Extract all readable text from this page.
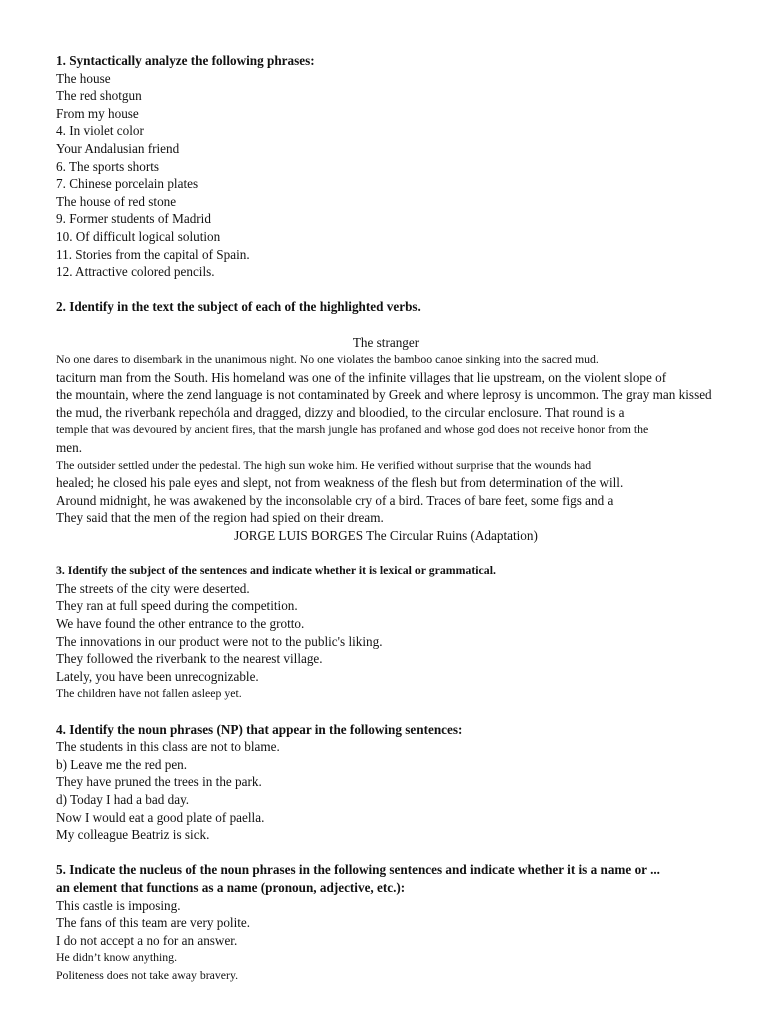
1. Syntactically analyze the following phrases:
The house
The red shotgun
From my house
4. In violet color
Your Andalusian friend
6. The sports shorts
7. Chinese porcelain plates
The house of red stone
9. Former students of Madrid
10. Of difficult logical solution
11. Stories from the capital of Spain.
12. Attractive colored pencils.
2. Identify in the text the subject of each of the highlighted verbs.
The stranger
No one dares to disembark in the unanimous night. No one violates the bamboo canoe sinking into the sacred mud.
taciturn man from the South. His homeland was one of the infinite villages that lie upstream, on the violent slope of
the mountain, where the zend language is not contaminated by Greek and where leprosy is uncommon. The gray man kissed
the mud, the riverbank repechóla and dragged, dizzy and bloodied, to the circular enclosure. That round is a
temple that was devoured by ancient fires, that the marsh jungle has profaned and whose god does not receive honor from the
men.
The outsider settled under the pedestal. The high sun woke him. He verified without surprise that the wounds had
healed; he closed his pale eyes and slept, not from weakness of the flesh but from determination of the will.
Around midnight, he was awakened by the inconsolable cry of a bird. Traces of bare feet, some figs and a
They said that the men of the region had spied on their dream.
JORGE LUIS BORGES The Circular Ruins (Adaptation)
3. Identify the subject of the sentences and indicate whether it is lexical or grammatical.
The streets of the city were deserted.
They ran at full speed during the competition.
We have found the other entrance to the grotto.
The innovations in our product were not to the public's liking.
They followed the riverbank to the nearest village.
Lately, you have been unrecognizable.
The children have not fallen asleep yet.
4. Identify the noun phrases (NP) that appear in the following sentences:
The students in this class are not to blame.
b) Leave me the red pen.
They have pruned the trees in the park.
d) Today I had a bad day.
Now I would eat a good plate of paella.
My colleague Beatriz is sick.
5. Indicate the nucleus of the noun phrases in the following sentences and indicate whether it is a name or ...
an element that functions as a name (pronoun, adjective, etc.):
This castle is imposing.
The fans of this team are very polite.
I do not accept a no for an answer.
He didn’t know anything.
Politeness does not take away bravery.
